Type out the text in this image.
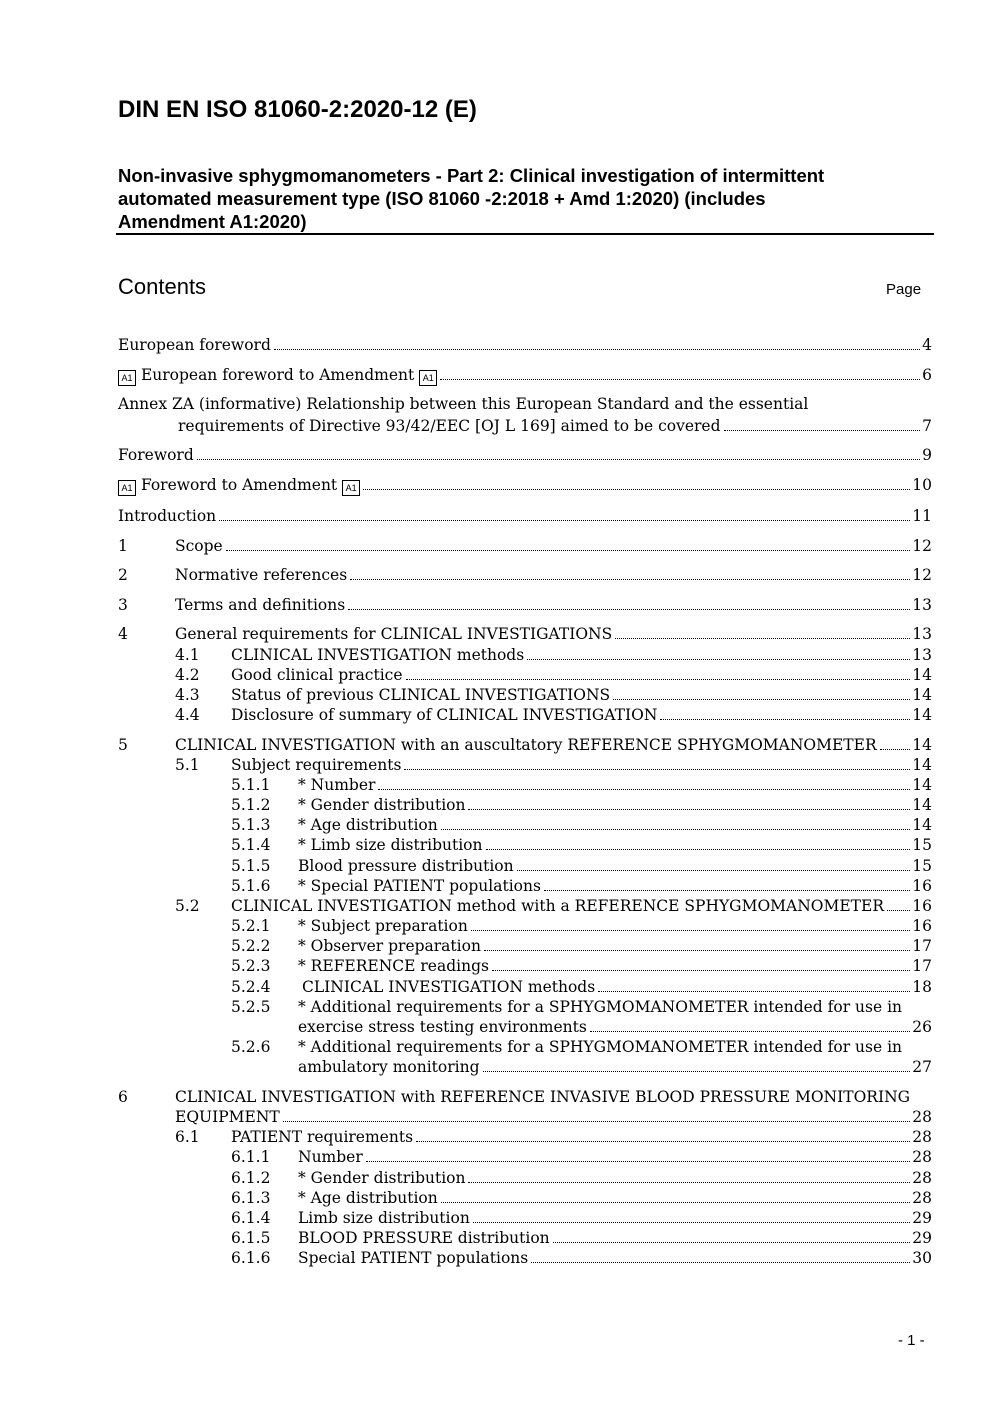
DIN EN ISO 81060-2:2020-12 (E)
Non-invasive sphygmomanometers - Part 2: Clinical investigation of intermittent
automated measurement type (ISO 81060 -2:2018 + Amd 1:2020) (includes
Amendment A1:2020)
Contents	Page
European foreword	4
A1 European foreword to Amendment A1	6
Annex ZA (informative) Relationship between this European Standard and the essential
requirements of Directive 93/42/EEC [OJ L 169] aimed to be covered	7
Foreword	9
A1 Foreword to Amendment A1	10
Introduction	11
1	Scope	12
2	Normative references	12
3	Terms and definitions	13
4	General requirements for CLINICAL INVESTIGATIONS	13
4.1 CLINICAL INVESTIGATION methods	13
4.2 Good clinical practice	14
4.3 Status of previous CLINICAL INVESTIGATIONS	14
4.4 Disclosure of summary of CLINICAL INVESTIGATION	14
5	CLINICAL INVESTIGATION with an auscultatory REFERENCE SPHYGMOMANOMETER 14
5.1 Subject requirements	14
5.1.1 * Number	14
5.1.2 * Gender distribution	14
5.1.3 * Age distribution	14
5.1.4 * Limb size distribution	15
5.1.5 Blood pressure distribution	15
5.1.6 * Special PATIENT populations	16
5.2 CLINICAL INVESTIGATION method with a REFERENCE SPHYGMOMANOMETER 16
5.2.1 * Subject preparation	16
5.2.2 * Observer preparation	17
5.2.3 * REFERENCE readings	17
5.2.4 CLINICAL INVESTIGATION methods	18
5.2.5 * Additional requirements for a SPHYGMOMANOMETER intended for use in
exercise stress testing environments	26
5.2.6 * Additional requirements for a SPHYGMOMANOMETER intended for use in
ambulatory monitoring	27
6	CLINICAL INVESTIGATION with REFERENCE INVASIVE BLOOD PRESSURE MONITORING
EQUIPMENT	28
6.1 PATIENT requirements	28
6.1.1 Number	28
6.1.2 * Gender distribution	28
6.1.3 * Age distribution	28
6.1.4 Limb size distribution	29
6.1.5 BLOOD PRESSURE distribution	29
6.1.6 Special PATIENT populations	30
- 1 -
